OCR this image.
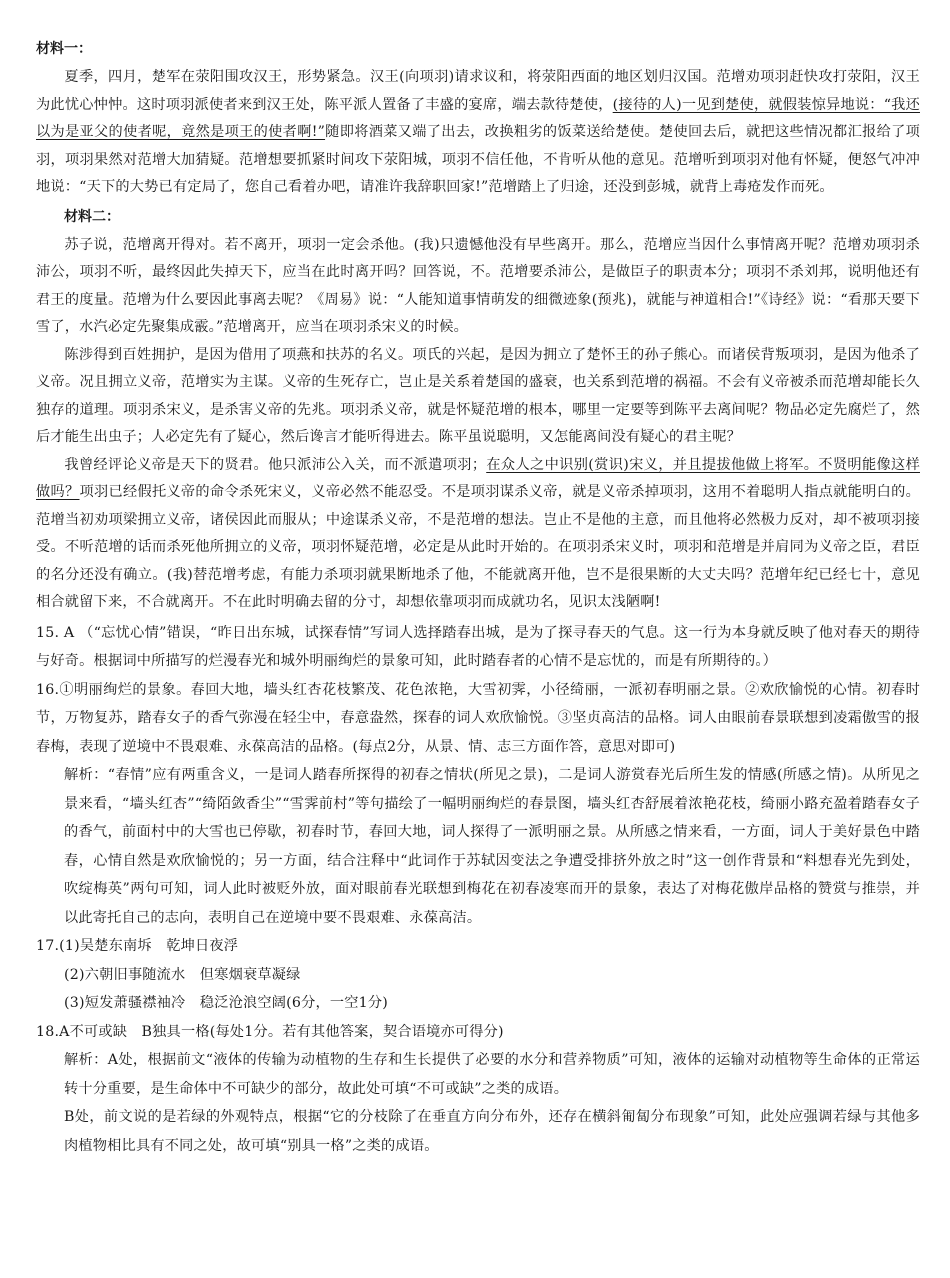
材料一：

夏季，四月，楚军在荥阳围攻汉王，形势紧急。汉王(向项羽)请求议和，将荥阳西面的地区划归汉国。范增劝项羽赶快攻打荥阳，汉王为此忧心忡忡。这时项羽派使者来到汉王处，陈平派人置备了丰盛的宴席，端去款待楚使，(接待的人)一见到楚使，就假装惊异地说：“我还以为是亚父的使者呢，竟然是项王的使者啊!”随即将酒菜又端了出去，改换粗劣的饭菜送给楚使。楚使回去后，就把这些情况都汇报给了项羽，项羽果然对范增大加猜疑。范增想要抓紧时间攻下荥阳城，项羽不信任他，不肯听从他的意见。范增听到项羽对他有怀疑，便怒气冲冲地说：“天下的大势已有定局了，您自己看着办吧，请准许我辞职回家!”范增踏上了归途，还没到彭城，就背上毒疮发作而死。

材料二：

苏子说，范增离开得对。若不离开，项羽一定会杀他。(我)只遗憾他没有早些离开。那么，范增应当因什么事情离开呢？范增劝项羽杀沛公，项羽不听，最终因此失掉天下，应当在此时离开吗？回答说，不。范增要杀沛公，是做臣子的职责本分；项羽不杀刘邦，说明他还有君王的度量。范增为什么要因此事离去呢？《周易》说：“人能知道事情萌发的细微迹象(预兆)，就能与神道相合!”《诗经》说：“看那天要下雪了，水汽必定先聚集成霰。”范增离开，应当在项羽杀宋义的时候。

陈涉得到百姓拥护，是因为借用了项燕和扶苏的名义。项氏的兴起，是因为拥立了楚怀王的孙子熊心。而诸侯背叛项羽，是因为他杀了义帝。况且拥立义帝，范增实为主谋。义帝的生死存亡，岂止是关系着楚国的盛衰，也关系到范增的祸福。不会有义帝被杀而范增却能长久独存的道理。项羽杀宋义，是杀害义帝的先兆。项羽杀义帝，就是怀疑范增的根本，哪里一定要等到陈平去离间呢？物品必定先腐烂了，然后才能生出虫子；人必定先有了疑心，然后谗言才能听得进去。陈平虽说聪明，又怎能离间没有疑心的君主呢？

我曾经评论义帝是天下的贤君。他只派沛公入关，而不派遣项羽；在众人之中识别(赏识)宋义，并且提拔他做上将军。不贤明能像这样做吗？项羽已经假托义帝的命令杀死宋义，义帝必然不能忍受。不是项羽谋杀义帝，就是义帝杀掉项羽，这用不着聪明人指点就能明白的。范增当初劝项梁拥立义帝，诸侯因此而服从；中途谋杀义帝，不是范增的想法。岂止不是他的主意，而且他将必然极力反对，却不被项羽接受。不听范增的话而杀死他所拥立的义帝，项羽怀疑范增，必定是从此时开始的。在项羽杀宋义时，项羽和范增是并肩同为义帝之臣，君臣的名分还没有确立。(我)替范增考虑，有能力杀项羽就果断地杀了他，不能就离开他，岂不是很果断的大丈夫吗？范增年纪已经七十，意见相合就留下来，不合就离开。不在此时明确去留的分寸，却想依靠项羽而成就功名，见识太浅陋啊!

15. A （“忘忧心情”错误，“昨日出东城，试探春情”写词人选择踏春出城，是为了探寻春天的气息。这一行为本身就反映了他对春天的期待与好奇。根据词中所描写的烂漫春光和城外明丽绚烂的景象可知，此时踏春者的心情不是忘忧的，而是有所期待的。）
16.①明丽绚烂的景象。春回大地，墙头红杏花枝繁茂、花色浓艳，大雪初霁，小径绮丽，一派初春明丽之景。②欢欣愉悦的心情。初春时节，万物复苏，踏春女子的香气弥漫在轻尘中，春意盎然，探春的词人欢欣愉悦。③坚贞高洁的品格。词人由眼前春景联想到凌霜傲雪的报春梅，表现了逆境中不畏艰难、永葆高洁的品格。(每点2分，从景、情、志三方面作答，意思对即可)
解析：“春情”应有两重含义，一是词人踏春所探得的初春之情状(所见之景)，二是词人游赏春光后所生发的情感(所感之情)。从所见之景来看，“墙头红杏”“绮陌敛香尘”“雪霁前村”等句描绘了一幅明丽绚烂的春景图，墙头红杏舒展着浓艳花枝，绮丽小路充盈着踏春女子的香气，前面村中的大雪也已停歇，初春时节，春回大地，词人探得了一派明丽之景。从所感之情来看，一方面，词人于美好景色中踏春，心情自然是欢欣愉悦的；另一方面，结合注释中“此词作于苏轼因变法之争遭受排挤外放之时”这一创作背景和“料想春光先到处，吹绽梅英”两句可知，词人此时被贬外放，面对眼前春光联想到梅花在初春凌寒而开的景象，表达了对梅花傲岸品格的赞赏与推崇，并以此寄托自己的志向，表明自己在逆境中要不畏艰难、永葆高洁。
17.(1)吴楚东南坼　乾坤日夜浮
(2)六朝旧事随流水　但寒烟衰草凝绿
(3)短发萧骚襟袖冷　稳泛沧浪空阔(6分，一空1分)
18.A不可或缺　B独具一格(每处1分。若有其他答案，契合语境亦可得分)
解析：A处，根据前文“液体的传输为动植物的生存和生长提供了必要的水分和营养物质”可知，液体的运输对动植物等生命体的正常运转十分重要，是生命体中不可缺少的部分，故此处可填“不可或缺”之类的成语。
B处，前文说的是若绿的外观特点，根据“它的分枝除了在垂直方向分布外，还存在横斜匍匐分布现象”可知，此处应强调若绿与其他多肉植物相比具有不同之处，故可填“别具一格”之类的成语。
